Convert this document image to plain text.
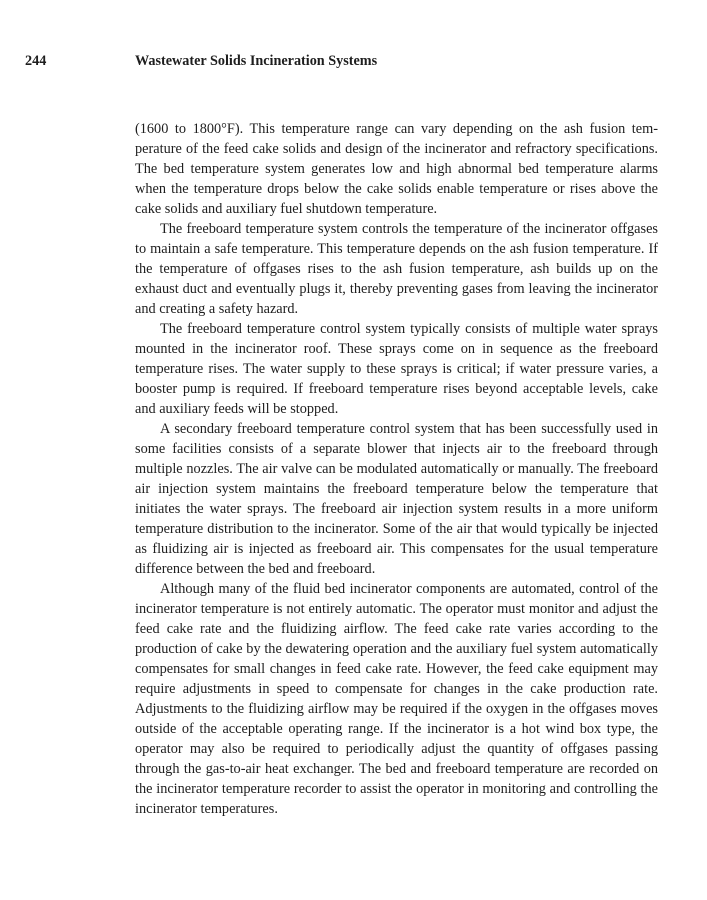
244	Wastewater Solids Incineration Systems

(1600 to 1800°F). This temperature range can vary depending on the ash fusion temperature of the feed cake solids and design of the incinerator and refractory specifications. The bed temperature system generates low and high abnormal bed temperature alarms when the temperature drops below the cake solids enable temperature or rises above the cake solids and auxiliary fuel shutdown temperature.

The freeboard temperature system controls the temperature of the incinerator offgases to maintain a safe temperature. This temperature depends on the ash fusion temperature. If the temperature of offgases rises to the ash fusion temperature, ash builds up on the exhaust duct and eventually plugs it, thereby preventing gases from leaving the incinerator and creating a safety hazard.

The freeboard temperature control system typically consists of multiple water sprays mounted in the incinerator roof. These sprays come on in sequence as the freeboard temperature rises. The water supply to these sprays is critical; if water pressure varies, a booster pump is required. If freeboard temperature rises beyond acceptable levels, cake and auxiliary feeds will be stopped.

A secondary freeboard temperature control system that has been successfully used in some facilities consists of a separate blower that injects air to the freeboard through multiple nozzles. The air valve can be modulated automatically or manually. The freeboard air injection system maintains the freeboard temperature below the temperature that initiates the water sprays. The freeboard air injection system results in a more uniform temperature distribution to the incinerator. Some of the air that would typically be injected as fluidizing air is injected as freeboard air. This compensates for the usual temperature difference between the bed and freeboard.

Although many of the fluid bed incinerator components are automated, control of the incinerator temperature is not entirely automatic. The operator must monitor and adjust the feed cake rate and the fluidizing airflow. The feed cake rate varies according to the production of cake by the dewatering operation and the auxiliary fuel system automatically compensates for small changes in feed cake rate. However, the feed cake equipment may require adjustments in speed to compensate for changes in the cake production rate. Adjustments to the fluidizing airflow may be required if the oxygen in the offgases moves outside of the acceptable operating range. If the incinerator is a hot wind box type, the operator may also be required to periodically adjust the quantity of offgases passing through the gas-to-air heat exchanger. The bed and freeboard temperature are recorded on the incinerator temperature recorder to assist the operator in monitoring and controlling the incinerator temperatures.
